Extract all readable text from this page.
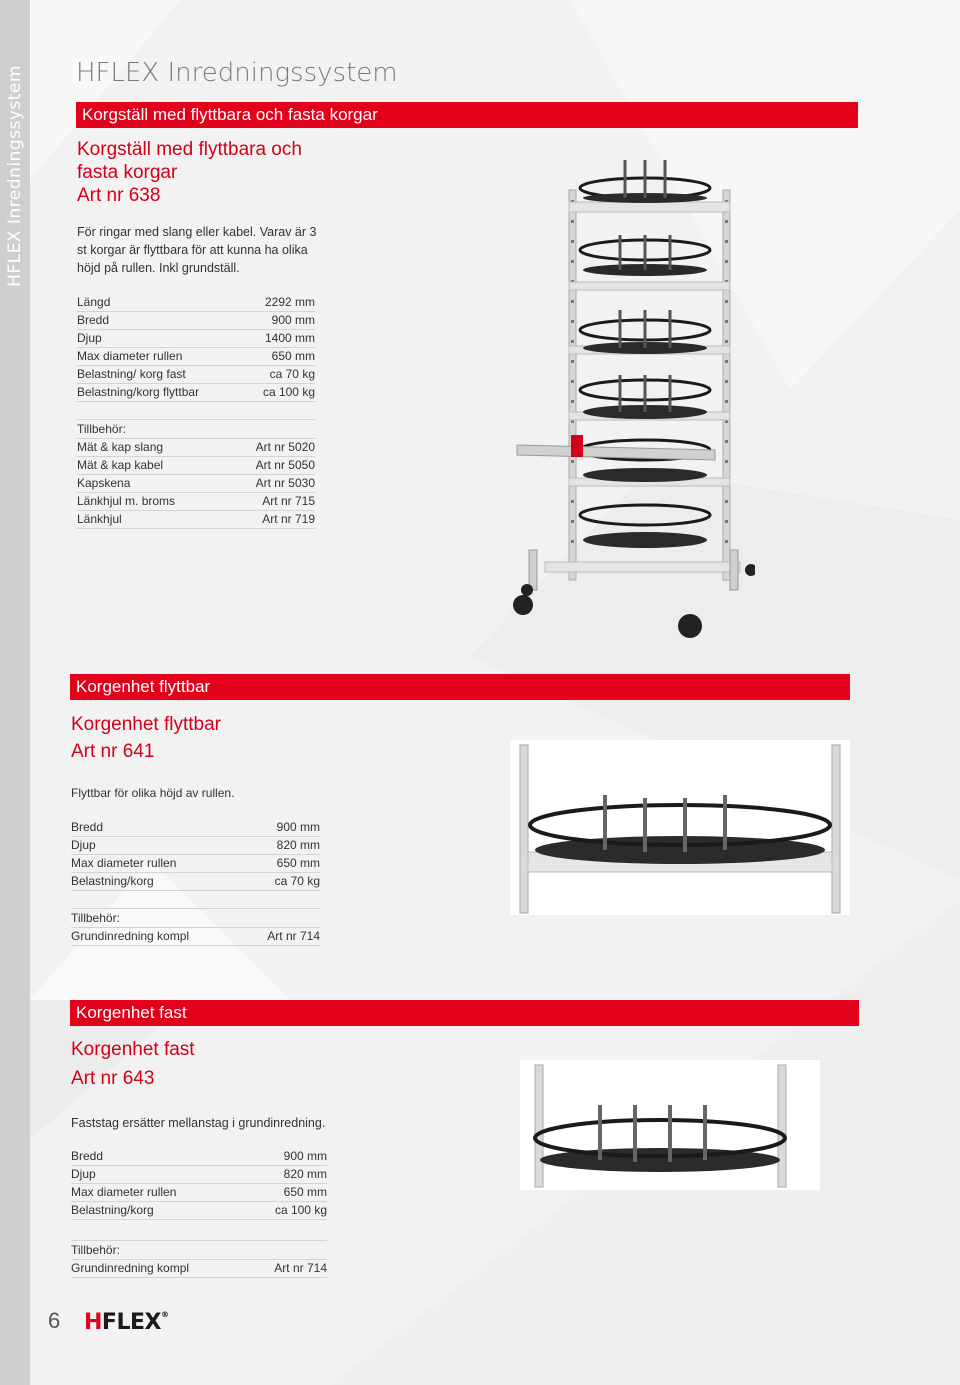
HFLEX Inredningssystem HFLEX Inredningssystem
Korgställ med flyttbara och fasta korgar
Korgställ med flyttbara och
fasta korgar
Art nr 638
För ringar med slang eller kabel. Varav är 3
st korgar är flyttbara för att kunna ha olika
höjd på rullen. Inkl grundställ.
Längd	2292 mm
Bredd	900 mm
Djup	1400 mm
Max diameter rullen	650 mm
Belastning/ korg fast	ca 70 kg
Belastning/korg flyttbar	ca 100 kg
Tillbehör:
Mät & kap slang	Art nr 5020
Mät & kap kabel	Art nr 5050
Kapskena	Art nr 5030
Länkhjul m. broms	Art nr 715
Länkhjul	Art nr 719
Korgenhet flyttbar
Korgenhet flyttbar
Art nr 641
Flyttbar för olika höjd av rullen.
Bredd	900 mm
Djup	820 mm
Max diameter rullen	650 mm
Belastning/korg	ca 70 kg
Tillbehör:
Grundinredning kompl	Art nr 714
Korgenhet fast
Korgenhet fast
Art nr 643
Faststag ersätter mellanstag i grundinredning.
Bredd	900 mm
Djup	820 mm
Max diameter rullen	650 mm
Belastning/korg	ca 100 kg
Tillbehör:
Grundinredning kompl	Art nr 714
6 HFLEX®
